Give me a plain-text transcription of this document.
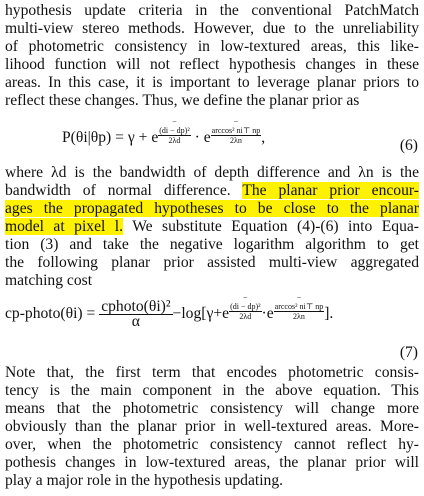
hypothesis update criteria in the conventional PatchMatch
multi-view stereo methods. However, due to the unreliability
of photometric consistency in low-textured areas, this like-
lihood function will not reflect hypothesis changes in these
areas. In this case, it is important to leverage planar priors to
reflect these changes. Thus, we define the planar prior as
$P(\theta i|\theta p) = \gamma + e^{- (di - dp)^2 2\lambda d} \cdot e^{- arccos^2 ni⊤ np 2\lambda n}$	,	(6)
where λd is the bandwidth of depth difference and λn is the
bandwidth of normal difference. The planar prior encour-
ages the propagated hypotheses to be close to the planar
model at pixel l. We substitute Equation (4)-(6) into Equa-
tion (3) and take the negative logarithm algorithm to get
the following planar prior assisted multi-view aggregated
matching cost
cp-photo(θi) = $\frac{\text{cphoto(θi)²}}{\alpha} -\log[\gamma+e^{- (di - dp)^2 2\lambda d} \cdot e^{- arccos^2 ni⊤ np 2\lambda n}$	].
(7)
Note that, the first term that encodes photometric consis-
tency is the main component in the above equation. This
means that the photometric consistency will change more
obviously than the planar prior in well-textured areas. More-
over, when the photometric consistency cannot reflect hy-
pothesis changes in low-textured areas, the planar prior will
play a major role in the hypothesis updating.
